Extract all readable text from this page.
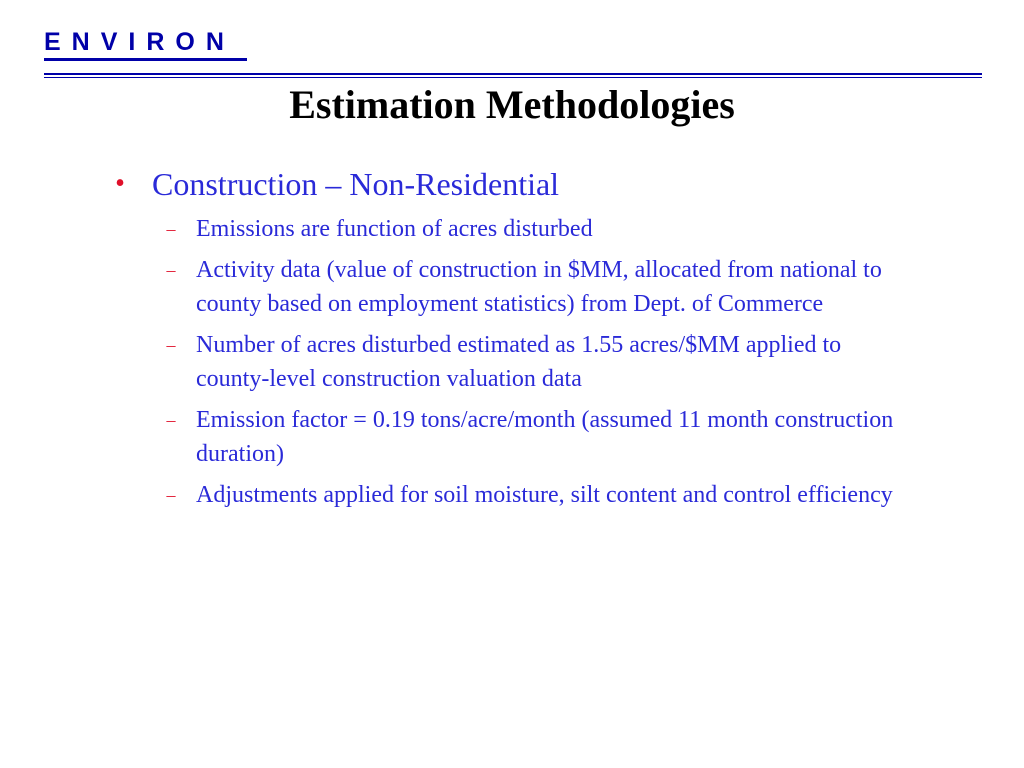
ENVIRON
Estimation Methodologies
• Construction – Non-Residential
– Emissions are function of acres disturbed
– Activity data (value of construction in $MM, allocated from national to county based on employment statistics) from Dept. of Commerce
– Number of acres disturbed estimated as 1.55 acres/$MM applied to county-level construction valuation data
– Emission factor = 0.19 tons/acre/month (assumed 11 month construction duration)
– Adjustments applied for soil moisture, silt content and control efficiency
